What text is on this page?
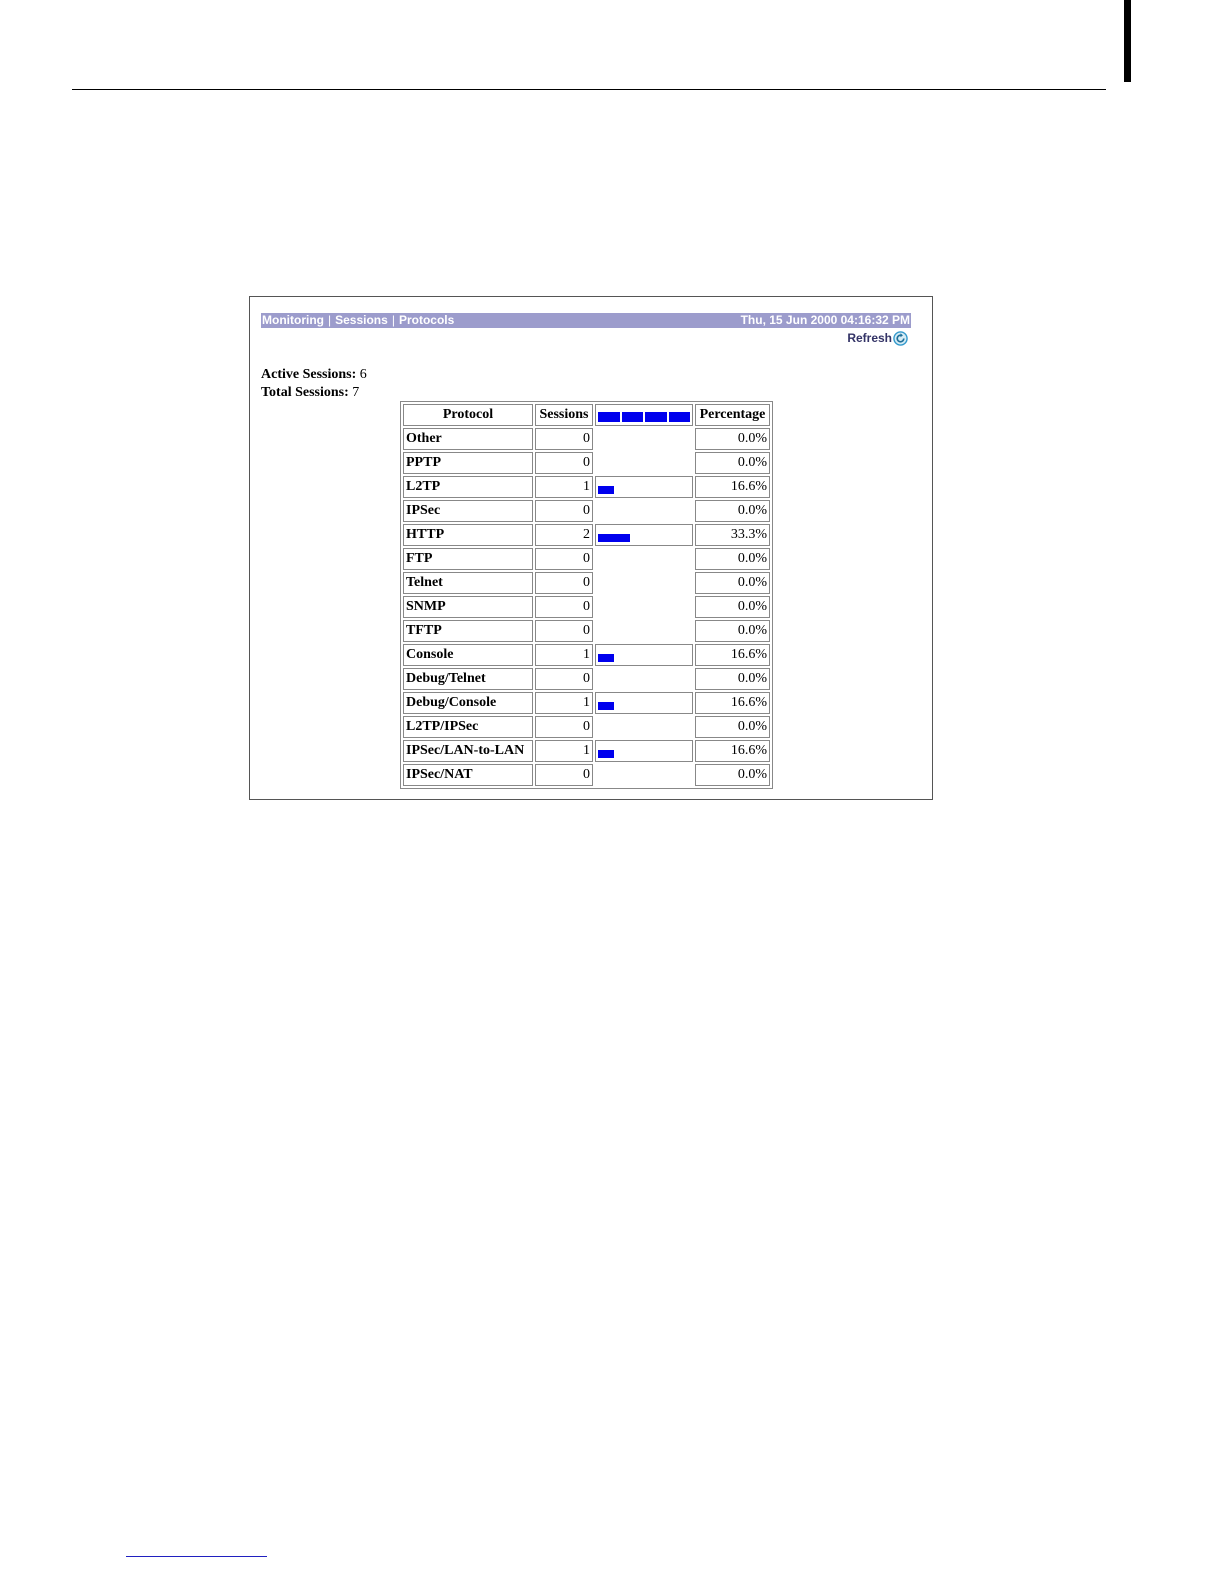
Monitoring | Sessions | Protocols	Thu, 15 Jun 2000 04:16:32 PM
Refresh
Active Sessions: 6
Total Sessions: 7
Protocol	Sessions		Percentage
Other	0		0.0%
PPTP	0		0.0%
L2TP	1		16.6%
IPSec	0		0.0%
HTTP	2		33.3%
FTP	0		0.0%
Telnet	0		0.0%
SNMP	0		0.0%
TFTP	0		0.0%
Console	1		16.6%
Debug/Telnet	0		0.0%
Debug/Console	1		16.6%
L2TP/IPSec	0		0.0%
IPSec/LAN-to-LAN	1		16.6%
IPSec/NAT	0		0.0%
